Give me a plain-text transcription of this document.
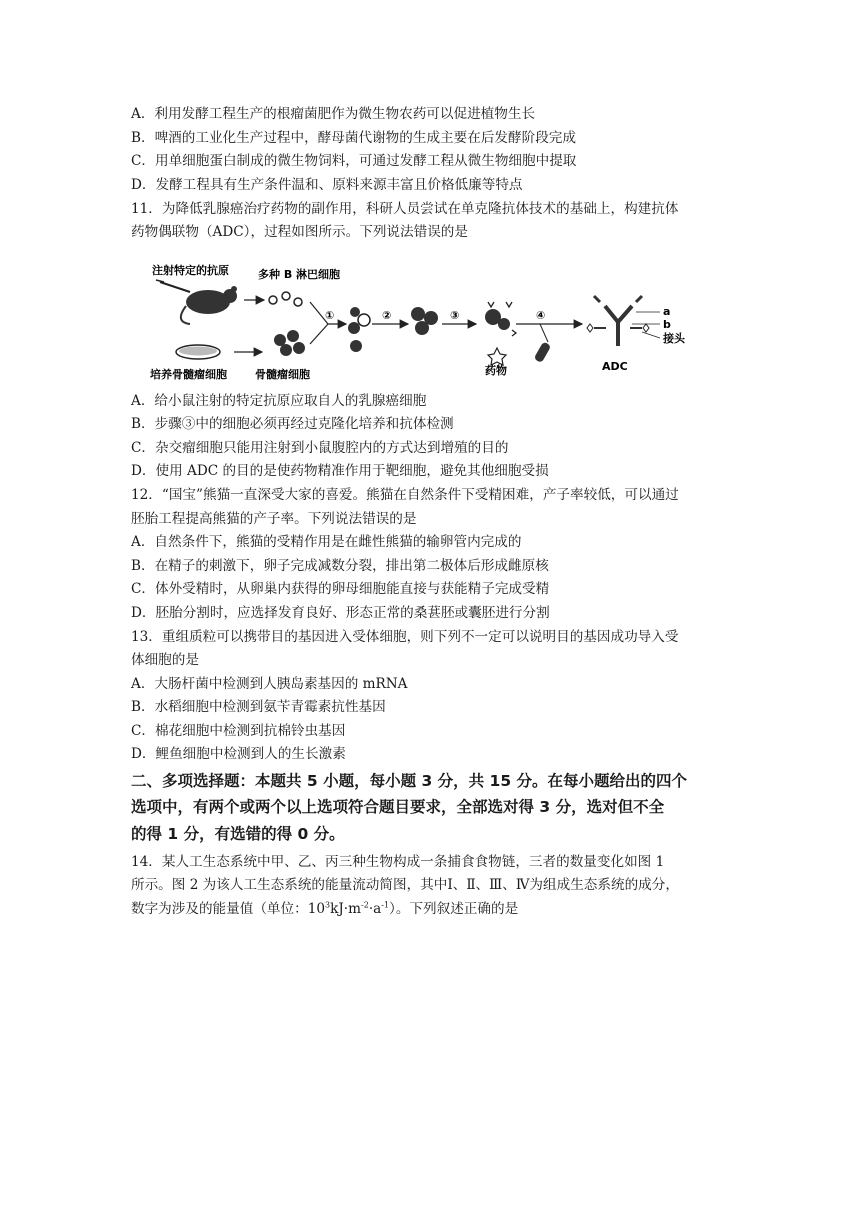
A．利用发酵工程生产的根瘤菌肥作为微生物农药可以促进植物生长
B．啤酒的工业化生产过程中，酵母菌代谢物的生成主要在后发酵阶段完成
C．用单细胞蛋白制成的微生物饲料，可通过发酵工程从微生物细胞中提取
D．发酵工程具有生产条件温和、原料来源丰富且价格低廉等特点
11．为降低乳腺癌治疗药物的副作用，科研人员尝试在单克隆抗体技术的基础上，构建抗体
药物偶联物（ADC），过程如图所示。下列说法错误的是
注射特定的抗原	多种 B 淋巴细胞
①	②	③	④
药物
a
b
接头
ADC
培养骨髓瘤细胞	骨髓瘤细胞
A．给小鼠注射的特定抗原应取自人的乳腺癌细胞
B．步骤③中的细胞必须再经过克隆化培养和抗体检测
C．杂交瘤细胞只能用注射到小鼠腹腔内的方式达到增殖的目的
D．使用 ADC 的目的是使药物精准作用于靶细胞，避免其他细胞受损
12．“国宝”熊猫一直深受大家的喜爱。熊猫在自然条件下受精困难，产子率较低，可以通过
胚胎工程提高熊猫的产子率。下列说法错误的是
A．自然条件下，熊猫的受精作用是在雌性熊猫的输卵管内完成的
B．在精子的刺激下，卵子完成减数分裂，排出第二极体后形成雌原核
C．体外受精时，从卵巢内获得的卵母细胞能直接与获能精子完成受精
D．胚胎分割时，应选择发育良好、形态正常的桑葚胚或囊胚进行分割
13．重组质粒可以携带目的基因进入受体细胞，则下列不一定可以说明目的基因成功导入受
体细胞的是
A．大肠杆菌中检测到人胰岛素基因的 mRNA
B．水稻细胞中检测到氨苄青霉素抗性基因
C．棉花细胞中检测到抗棉铃虫基因
D．鲤鱼细胞中检测到人的生长激素
二、多项选择题：本题共 5 小题，每小题 3 分，共 15 分。在每小题给出的四个
选项中，有两个或两个以上选项符合题目要求，全部选对得 3 分，选对但不全
的得 1 分，有选错的得 0 分。
14．某人工生态系统中甲、乙、丙三种生物构成一条捕食食物链，三者的数量变化如图 1
所示。图 2 为该人工生态系统的能量流动简图，其中Ⅰ、Ⅱ、Ⅲ、Ⅳ为组成生态系统的成分，
数字为涉及的能量值（单位：$10^3kJ\cdot m^{-2}\cdot a^{-1}$）。下列叙述正确的是
